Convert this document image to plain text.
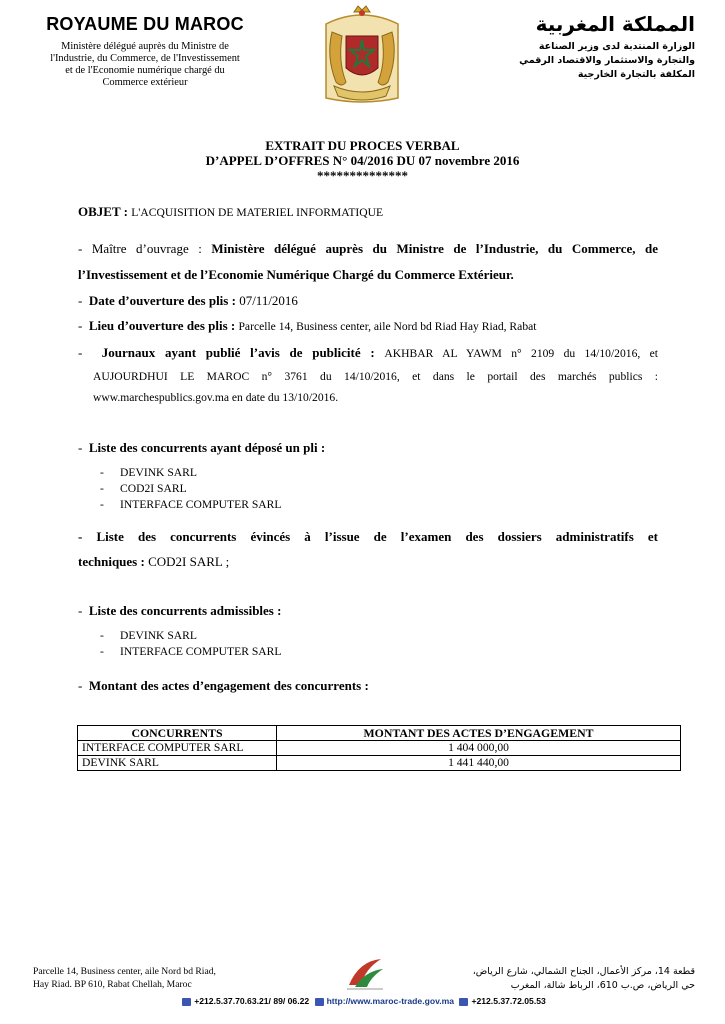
ROYAUME DU MAROC
Ministère délégué auprès du Ministre de
l'Industrie, du Commerce, de l'Investissement
et de l'Economie numérique chargé du
Commerce extérieur
المملكة المغربية
الوزارة المنتدبة لدى وزير الصناعة
والتجارة والاستثمار والاقتصاد الرقمي
المكلفة بالتجارة الخارجية
EXTRAIT DU PROCES VERBAL
D’APPEL D’OFFRES N° 04/2016 DU 07 novembre 2016
**************
OBJET : L'ACQUISITION DE MATERIEL INFORMATIQUE
- Maître d’ouvrage : Ministère délégué auprès du Ministre de l’Industrie, du Commerce, de
l’Investissement et de l’Economie Numérique Chargé du Commerce Extérieur.
-  Date d’ouverture des plis : 07/11/2016
-  Lieu d’ouverture des plis : Parcelle 14, Business center, aile Nord bd Riad Hay Riad, Rabat
-  Journaux ayant publié l’avis de publicité : AKHBAR AL YAWM n° 2109 du 14/10/2016, et
AUJOURDHUI LE MAROC n° 3761 du 14/10/2016, et dans le portail des marchés publics :
www.marchespublics.gov.ma en date du 13/10/2016.
-  Liste des concurrents ayant déposé un pli :
- DEVINK SARL
- COD2I SARL
- INTERFACE COMPUTER SARL
- Liste des concurrents évincés à l’issue de l’examen des dossiers administratifs et
techniques : COD2I SARL ;
-  Liste des concurrents admissibles :
- DEVINK SARL
- INTERFACE COMPUTER SARL
-  Montant des actes d’engagement des concurrents :
CONCURRENTS	MONTANT DES ACTES D’ENGAGEMENT
INTERFACE COMPUTER SARL	1 404 000,00
DEVINK SARL	1 441 440,00
Parcelle 14, Business center, aile Nord bd Riad,
Hay Riad. BP 610, Rabat Chellah, Maroc
قطعة 14، مركز الأعمال، الجناح الشمالي، شارع الرياض،
حي الرياض، ص.ب 610، الرباط شالة، المغرب
+212.5.37.70.63.21/ 89/ 06.22 http://www.maroc-trade.gov.ma +212.5.37.72.05.53
